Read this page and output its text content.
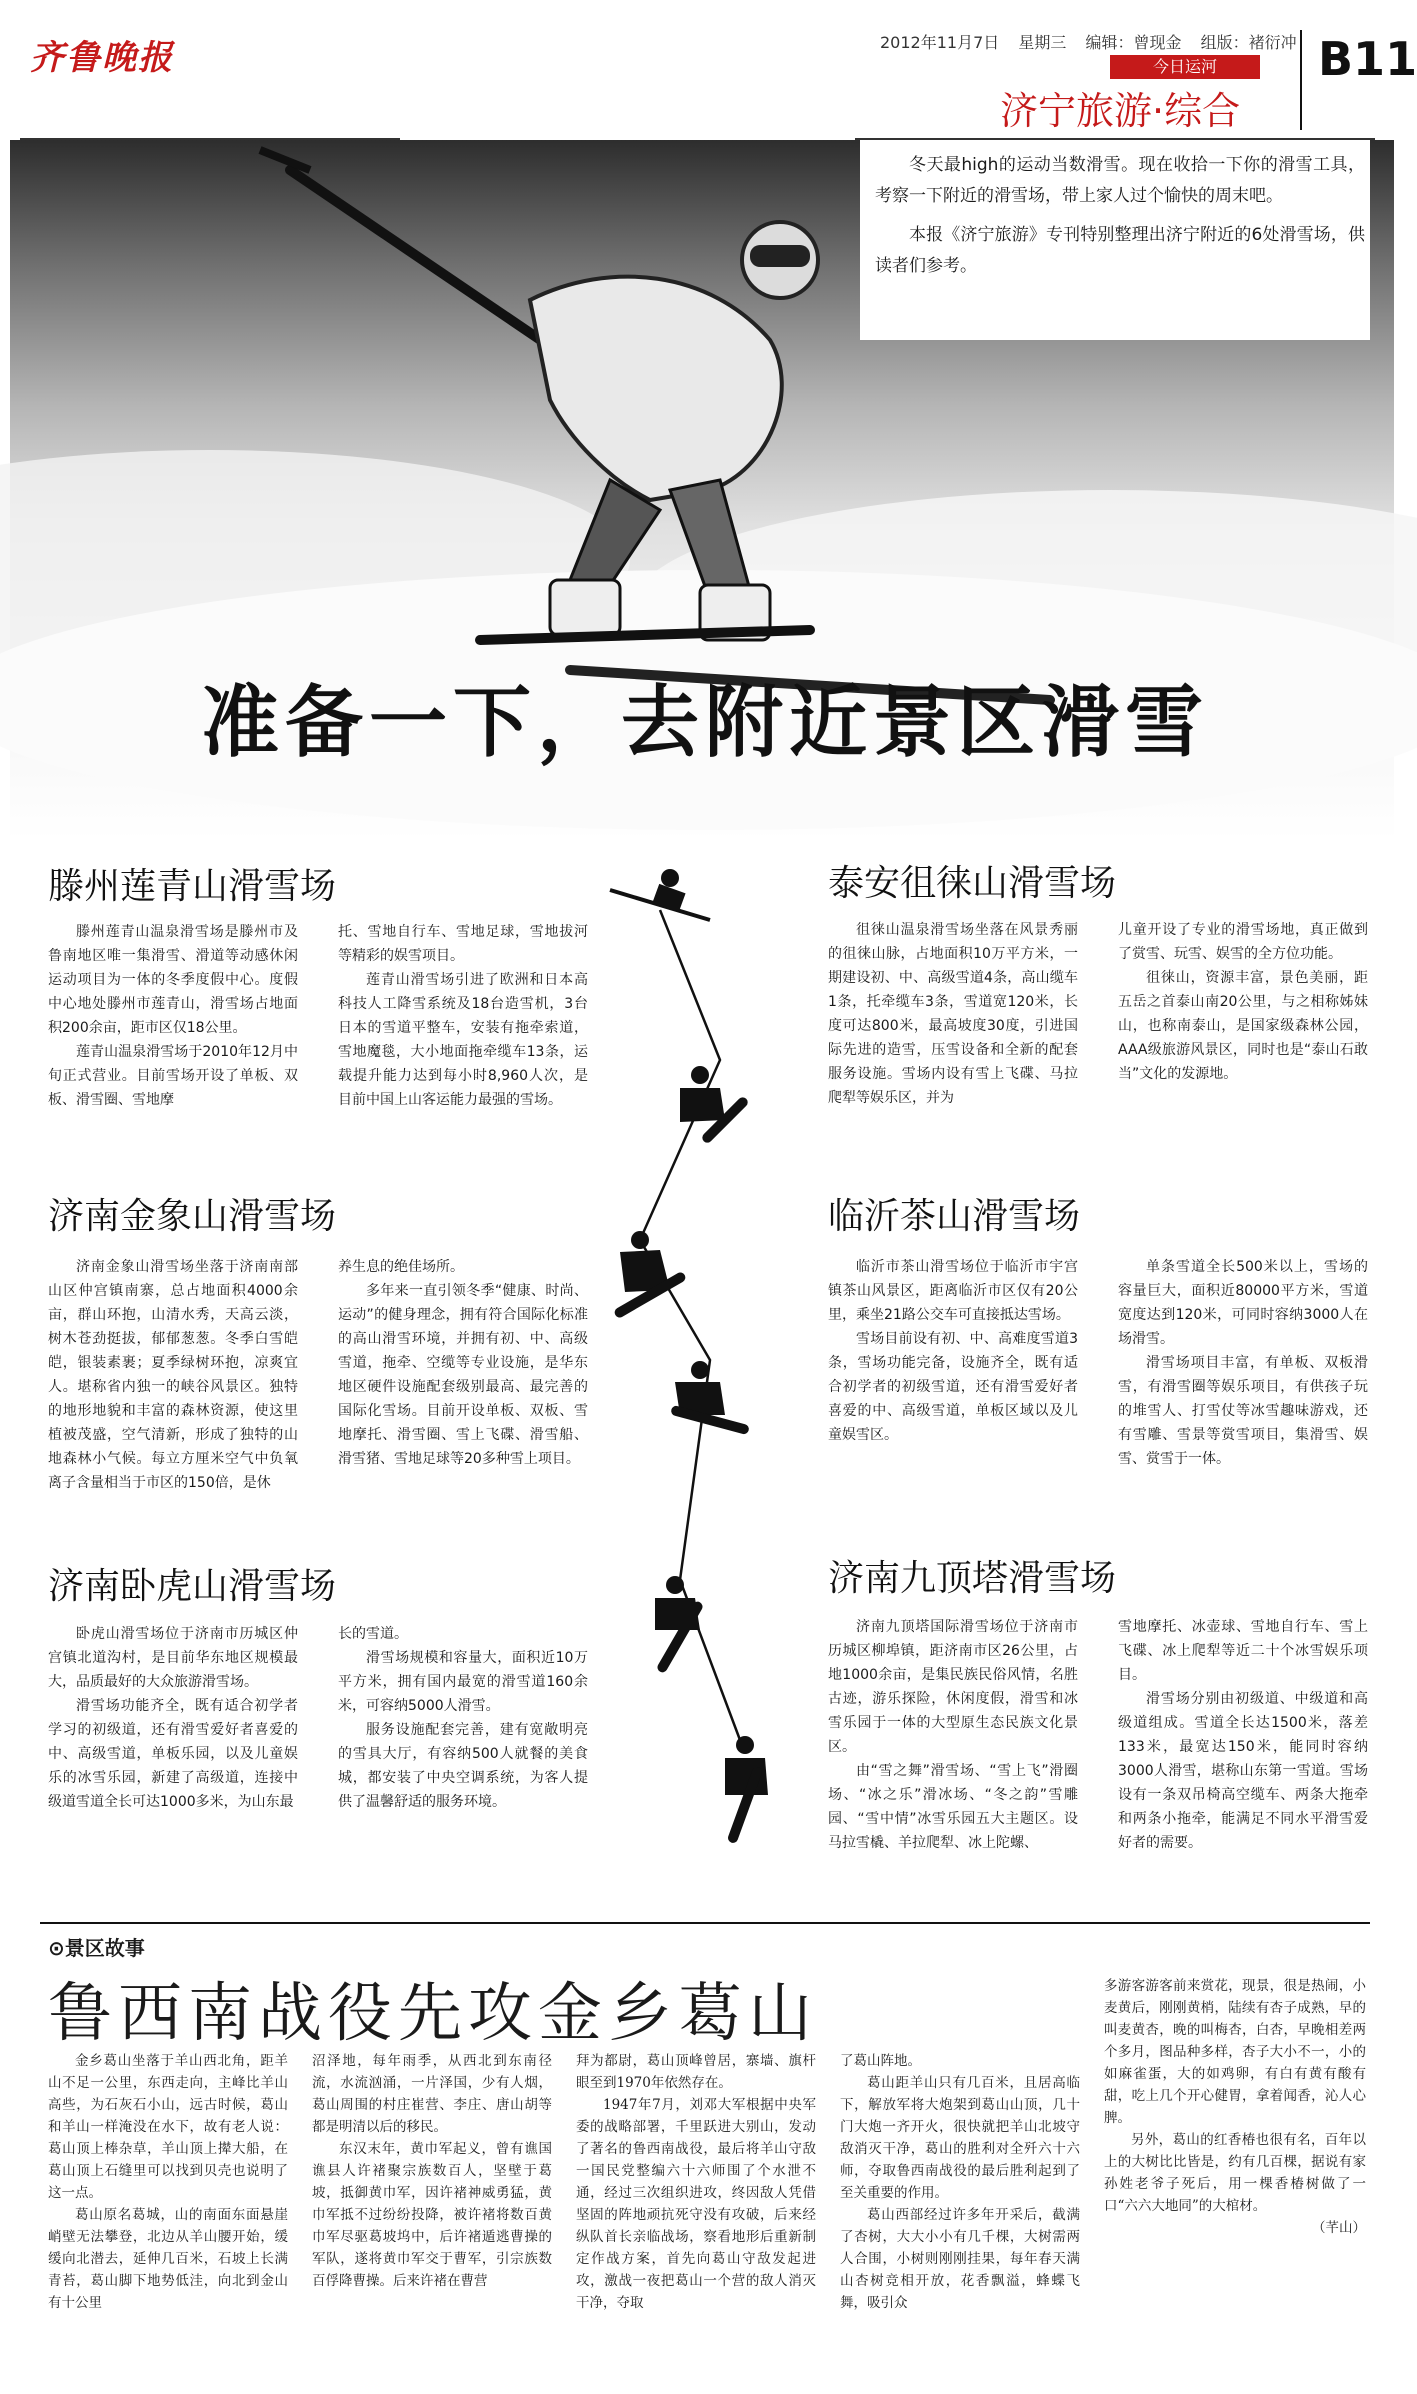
齐鲁晚报	2012年11月7日 星期三 编辑：曾现金 组版：褚衍冲
今日运河
济宁旅游·综合
B11

冬天最high的运动当数滑雪。现在收拾一下你的滑雪工具，考察一下附近的滑雪场，带上家人过个愉快的周末吧。

本报《济宁旅游》专刊特别整理出济宁附近的6处滑雪场，供读者们参考。

准备一下，去附近景区滑雪
滕州莲青山滑雪场

滕州莲青山温泉滑雪场是滕州市及鲁南地区唯一集滑雪、滑道等动感休闲运动项目为一体的冬季度假中心。度假中心地处滕州市莲青山，滑雪场占地面积200余亩，距市区仅18公里。

莲青山温泉滑雪场于2010年12月中旬正式营业。目前雪场开设了单板、双板、滑雪圈、雪地摩

托、雪地自行车、雪地足球，雪地拔河等精彩的娱雪项目。

莲青山滑雪场引进了欧洲和日本高科技人工降雪系统及18台造雪机，3台日本的雪道平整车，安装有拖牵索道，雪地魔毯，大小地面拖牵缆车13条，运载提升能力达到每小时8,960人次，是目前中国上山客运能力最强的雪场。

济南金象山滑雪场

济南金象山滑雪场坐落于济南南部山区仲宫镇南寨，总占地面积4000余亩，群山环抱，山清水秀，天高云淡，树木苍劲挺拔，郁郁葱葱。冬季白雪皑皑，银装素裹；夏季绿树环抱，凉爽宜人。堪称省内独一的峡谷风景区。独特的地形地貌和丰富的森林资源，使这里植被茂盛，空气清新，形成了独特的山地森林小气候。每立方厘米空气中负氧离子含量相当于市区的150倍，是休

养生息的绝佳场所。

多年来一直引领冬季“健康、时尚、运动”的健身理念，拥有符合国际化标准的高山滑雪环境，并拥有初、中、高级雪道，拖牵、空缆等专业设施，是华东地区硬件设施配套级别最高、最完善的国际化雪场。目前开设单板、双板、雪地摩托、滑雪圈、雪上飞碟、滑雪船、滑雪猪、雪地足球等20多种雪上项目。

济南卧虎山滑雪场

卧虎山滑雪场位于济南市历城区仲宫镇北道沟村，是目前华东地区规模最大，品质最好的大众旅游滑雪场。

滑雪场功能齐全，既有适合初学者学习的初级道，还有滑雪爱好者喜爱的中、高级雪道，单板乐园，以及儿童娱乐的冰雪乐园，新建了高级道，连接中级道雪道全长可达1000多米，为山东最

长的雪道。

滑雪场规模和容量大，面积近10万平方米，拥有国内最宽的滑雪道160余米，可容纳5000人滑雪。

服务设施配套完善，建有宽敞明亮的雪具大厅，有容纳500人就餐的美食城，都安装了中央空调系统，为客人提供了温馨舒适的服务环境。

泰安徂徕山滑雪场

徂徕山温泉滑雪场坐落在风景秀丽的徂徕山脉，占地面积10万平方米，一期建设初、中、高级雪道4条，高山缆车1条，托牵缆车3条，雪道宽120米，长度可达800米，最高坡度30度，引进国际先进的造雪，压雪设备和全新的配套服务设施。雪场内设有雪上飞碟、马拉爬犁等娱乐区，并为

儿童开设了专业的滑雪场地，真正做到了赏雪、玩雪、娱雪的全方位功能。

徂徕山，资源丰富，景色美丽，距五岳之首泰山南20公里，与之相称姊妹山，也称南泰山，是国家级森林公园，AAA级旅游风景区，同时也是“泰山石敢当”文化的发源地。

临沂茶山滑雪场

临沂市茶山滑雪场位于临沂市宇宫镇茶山风景区，距离临沂市区仅有20公里，乘坐21路公交车可直接抵达雪场。

雪场目前设有初、中、高难度雪道3条，雪场功能完备，设施齐全，既有适合初学者的初级雪道，还有滑雪爱好者喜爱的中、高级雪道，单板区域以及儿童娱雪区。

单条雪道全长500米以上，雪场的容量巨大，面积近80000平方米，雪道宽度达到120米，可同时容纳3000人在场滑雪。

滑雪场项目丰富，有单板、双板滑雪，有滑雪圈等娱乐项目，有供孩子玩的堆雪人、打雪仗等冰雪趣味游戏，还有雪雕、雪景等赏雪项目，集滑雪、娱雪、赏雪于一体。

济南九顶塔滑雪场

济南九顶塔国际滑雪场位于济南市历城区柳埠镇，距济南市区26公里，占地1000余亩，是集民族民俗风情，名胜古迹，游乐探险，休闲度假，滑雪和冰雪乐园于一体的大型原生态民族文化景区。

由“雪之舞”滑雪场、“雪上飞”滑圈场、“冰之乐”滑冰场、“冬之韵”雪雕园、“雪中情”冰雪乐园五大主题区。设马拉雪橇、羊拉爬犁、冰上陀螺、

雪地摩托、冰壶球、雪地自行车、雪上飞碟、冰上爬犁等近二十个冰雪娱乐项目。

滑雪场分别由初级道、中级道和高级道组成。雪道全长达1500米，落差133米，最宽达150米，能同时容纳3000人滑雪，堪称山东第一雪道。雪场设有一条双吊椅高空缆车、两条大拖牵和两条小拖牵，能满足不同水平滑雪爱好者的需要。

⊙景区故事
鲁西南战役先攻金乡葛山

金乡葛山坐落于羊山西北角，距羊山不足一公里，东西走向，主峰比羊山高些，为石灰石小山，远古时候，葛山和羊山一样淹没在水下，故有老人说：葛山顶上棒杂草，羊山顶上撵大船，在葛山顶上石缝里可以找到贝壳也说明了这一点。

葛山原名葛城，山的南面东面悬崖峭壁无法攀登，北边从羊山腰开始，缓缓向北潜去，延伸几百米，石坡上长满青苔，葛山脚下地势低洼，向北到金山有十公里

沼泽地，每年雨季，从西北到东南径流，水流汹涌，一片泽国，少有人烟，葛山周围的村庄崔营、李庄、唐山胡等都是明清以后的移民。

东汉末年，黄巾军起义，曾有谯国谯县人许褚聚宗族数百人，坚壁于葛坡，抵御黄巾军，因许褚神威勇猛，黄巾军抵不过纷纷投降，被许褚将数百黄巾军尽驱葛坡坞中，后许褚遁逃曹操的军队，遂将黄巾军交于曹军，引宗族数百俘降曹操。后来许褚在曹营

拜为都尉，葛山顶峰曾居，寨墙、旗杆眼至到1970年依然存在。

1947年7月，刘邓大军根据中央军委的战略部署，千里跃进大别山，发动了著名的鲁西南战役，最后将羊山守敌一国民党整编六十六师围了个水泄不通，经过三次组织进攻，终因敌人凭借坚固的阵地顽抗死守没有攻破，后来经纵队首长亲临战场，察看地形后重新制定作战方案，首先向葛山守敌发起进攻，激战一夜把葛山一个营的敌人消灭干净，夺取

了葛山阵地。

葛山距羊山只有几百米，且居高临下，解放军将大炮架到葛山山顶，几十门大炮一齐开火，很快就把羊山北坡守敌消灭干净，葛山的胜利对全歼六十六师，夺取鲁西南战役的最后胜利起到了至关重要的作用。

葛山西部经过许多年开采后，截满了杏树，大大小小有几千棵，大树需两人合围，小树则刚刚挂果，每年春天满山杏树竞相开放，花香飘溢，蜂蝶飞舞，吸引众

多游客游客前来赏花，现景，很是热闹，小麦黄后，刚刚黄梢，陆续有杏子成熟，早的叫麦黄杏，晚的叫梅杏，白杏，早晚相差两个多月，图品种多样，杏子大小不一，小的如麻雀蛋，大的如鸡卵，有白有黄有酸有甜，吃上几个开心健胃，拿着闻香，沁人心脾。

另外，葛山的红香椿也很有名，百年以上的大树比比皆是，约有几百棵，据说有家孙姓老爷子死后，用一棵香椿树做了一口“六六大地同”的大棺材。

（芊山）
